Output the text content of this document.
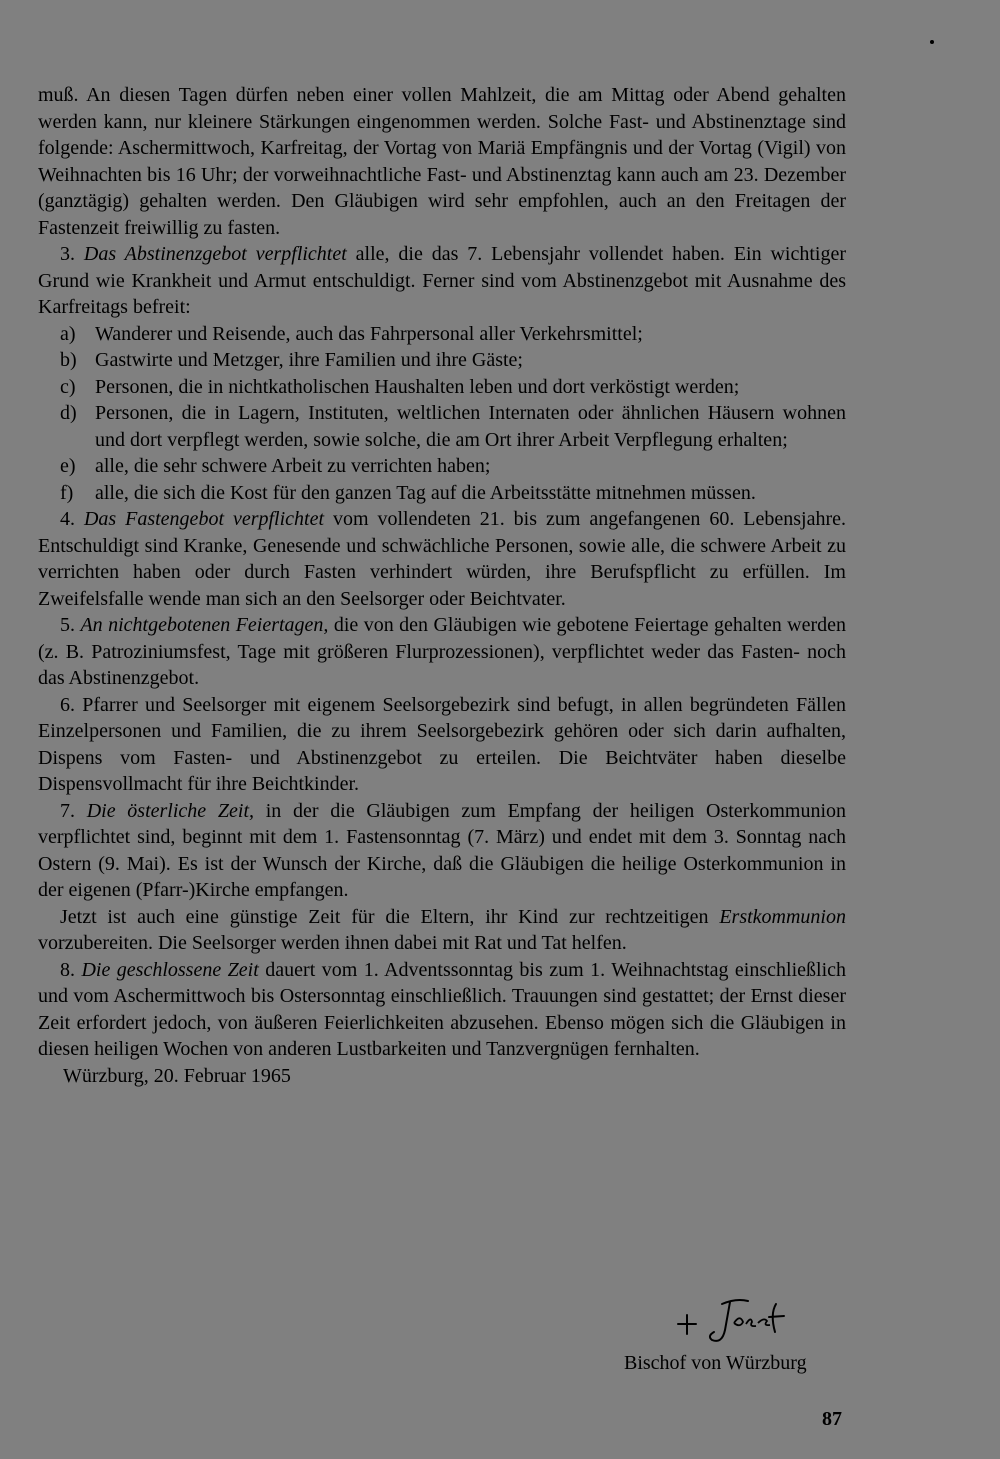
muß. An diesen Tagen dürfen neben einer vollen Mahlzeit, die am Mittag oder Abend gehalten werden kann, nur kleinere Stärkungen eingenommen werden. Solche Fast- und Abstinenztage sind folgende: Aschermittwoch, Karfreitag, der Vortag von Mariä Empfängnis und der Vortag (Vigil) von Weihnachten bis 16 Uhr; der vorweihnachtliche Fast- und Abstinenztag kann auch am 23. Dezember (ganztägig) gehalten werden. Den Gläubigen wird sehr empfohlen, auch an den Freitagen der Fastenzeit freiwillig zu fasten.

3. Das Abstinenzgebot verpflichtet alle, die das 7. Lebensjahr vollendet haben. Ein wichtiger Grund wie Krankheit und Armut entschuldigt. Ferner sind vom Abstinenzgebot mit Ausnahme des Karfreitags befreit:

a) Wanderer und Reisende, auch das Fahrpersonal aller Verkehrsmittel;
b) Gastwirte und Metzger, ihre Familien und ihre Gäste;
c) Personen, die in nichtkatholischen Haushalten leben und dort verköstigt werden;
d) Personen, die in Lagern, Instituten, weltlichen Internaten oder ähnlichen Häusern wohnen und dort verpflegt werden, sowie solche, die am Ort ihrer Arbeit Verpflegung erhalten;
e) alle, die sehr schwere Arbeit zu verrichten haben;
f)	alle, die sich die Kost für den ganzen Tag auf die Arbeitsstätte mitnehmen müssen.

4. Das Fastengebot verpflichtet vom vollendeten 21. bis zum angefangenen 60. Lebensjahre. Entschuldigt sind Kranke, Genesende und schwächliche Personen, sowie alle, die schwere Arbeit zu verrichten haben oder durch Fasten verhindert würden, ihre Berufspflicht zu erfüllen. Im Zweifelsfalle wende man sich an den Seelsorger oder Beichtvater.

5. An nichtgebotenen Feiertagen, die von den Gläubigen wie gebotene Feiertage gehalten werden (z. B. Patroziniumsfest, Tage mit größeren Flurprozessionen), verpflichtet weder das Fasten- noch das Abstinenzgebot.

6. Pfarrer und Seelsorger mit eigenem Seelsorgebezirk sind befugt, in allen begründeten Fällen Einzelpersonen und Familien, die zu ihrem Seelsorgebezirk gehören oder sich darin aufhalten, Dispens vom Fasten- und Abstinenzgebot zu erteilen. Die Beichtväter haben dieselbe Dispensvollmacht für ihre Beichtkinder.

7. Die österliche Zeit, in der die Gläubigen zum Empfang der heiligen Osterkommunion verpflichtet sind, beginnt mit dem 1. Fastensonntag (7. März) und endet mit dem 3. Sonntag nach Ostern (9. Mai). Es ist der Wunsch der Kirche, daß die Gläubigen die heilige Osterkommunion in der eigenen (Pfarr-)Kirche empfangen.

Jetzt ist auch eine günstige Zeit für die Eltern, ihr Kind zur rechtzeitigen Erstkommunion vorzubereiten. Die Seelsorger werden ihnen dabei mit Rat und Tat helfen.

8. Die geschlossene Zeit dauert vom 1. Adventssonntag bis zum 1. Weihnachtstag einschließlich und vom Aschermittwoch bis Ostersonntag einschließlich. Trauungen sind gestattet; der Ernst dieser Zeit erfordert jedoch, von äußeren Feierlichkeiten abzusehen. Ebenso mögen sich die Gläubigen in diesen heiligen Wochen von anderen Lustbarkeiten und Tanzvergnügen fernhalten.

Würzburg, 20. Februar 1965

Bischof von Würzburg
87
